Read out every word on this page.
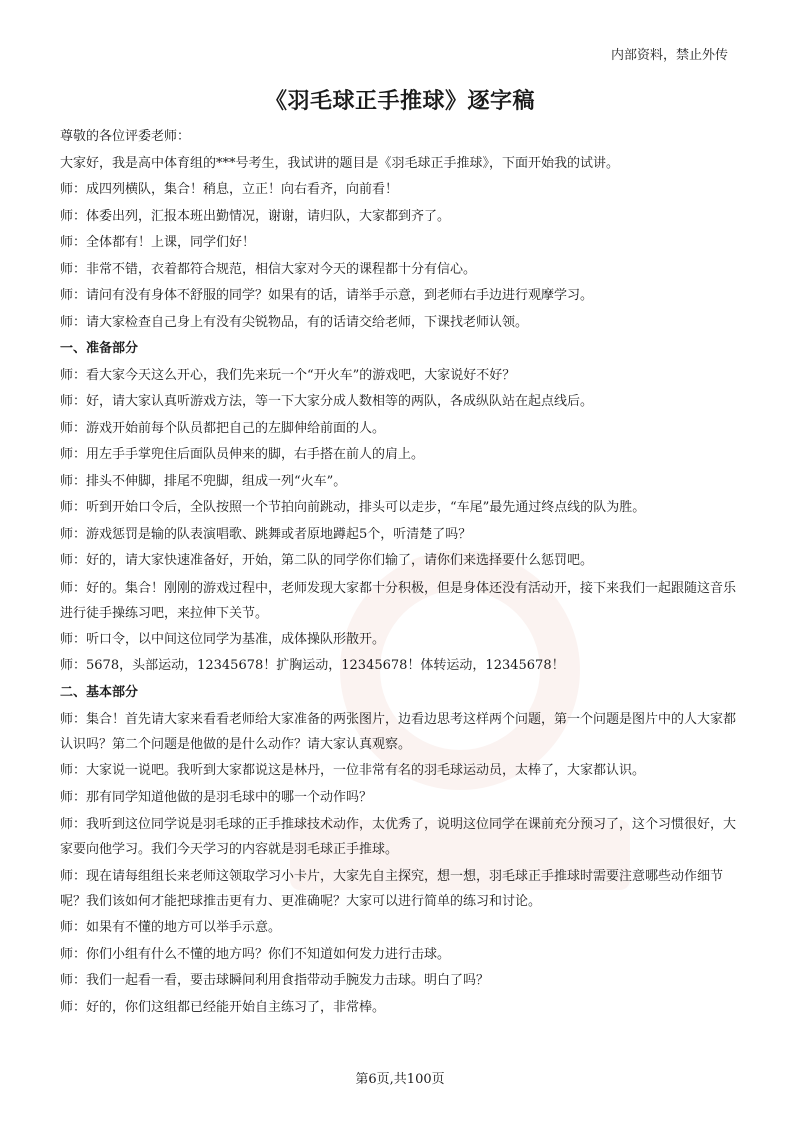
内部资料，禁止外传
《羽毛球正手推球》逐字稿

尊敬的各位评委老师：

大家好，我是高中体育组的***号考生，我试讲的题目是《羽毛球正手推球》，下面开始我的试讲。

师：成四列横队，集合！稍息，立正！向右看齐，向前看！

师：体委出列，汇报本班出勤情况，谢谢，请归队，大家都到齐了。

师：全体都有！上课，同学们好！

师：非常不错，衣着都符合规范，相信大家对今天的课程都十分有信心。

师：请问有没有身体不舒服的同学？如果有的话，请举手示意，到老师右手边进行观摩学习。

师：请大家检查自己身上有没有尖锐物品，有的话请交给老师，下课找老师认领。

一、准备部分

师：看大家今天这么开心，我们先来玩一个“开火车”的游戏吧，大家说好不好？

师：好，请大家认真听游戏方法，等一下大家分成人数相等的两队，各成纵队站在起点线后。

师：游戏开始前每个队员都把自己的左脚伸给前面的人。

师：用左手手掌兜住后面队员伸来的脚，右手搭在前人的肩上。

师：排头不伸脚，排尾不兜脚，组成一列“火车”。

师：听到开始口令后，全队按照一个节拍向前跳动，排头可以走步，“车尾”最先通过终点线的队为胜。

师：游戏惩罚是输的队表演唱歌、跳舞或者原地蹲起5个，听清楚了吗？

师：好的，请大家快速准备好，开始，第二队的同学你们输了，请你们来选择要什么惩罚吧。

师：好的。集合！刚刚的游戏过程中，老师发现大家都十分积极，但是身体还没有活动开，接下来我们一起跟随这音乐进行徒手操练习吧，来拉伸下关节。

师：听口令，以中间这位同学为基准，成体操队形散开。

师：5678，头部运动，12345678！扩胸运动，12345678！体转运动，12345678！

二、基本部分

师：集合！首先请大家来看看老师给大家准备的两张图片，边看边思考这样两个问题，第一个问题是图片中的人大家都认识吗？第二个问题是他做的是什么动作？请大家认真观察。

师：大家说一说吧。我听到大家都说这是林丹，一位非常有名的羽毛球运动员，太棒了，大家都认识。

师：那有同学知道他做的是羽毛球中的哪一个动作吗？

师：我听到这位同学说是羽毛球的正手推球技术动作，太优秀了，说明这位同学在课前充分预习了，这个习惯很好，大家要向他学习。我们今天学习的内容就是羽毛球正手推球。

师：现在请每组组长来老师这领取学习小卡片，大家先自主探究，想一想，羽毛球正手推球时需要注意哪些动作细节呢？我们该如何才能把球推击更有力、更准确呢？大家可以进行简单的练习和讨论。

师：如果有不懂的地方可以举手示意。

师：你们小组有什么不懂的地方吗？你们不知道如何发力进行击球。

师：我们一起看一看，要击球瞬间利用食指带动手腕发力击球。明白了吗？

师：好的，你们这组都已经能开始自主练习了，非常棒。

第6页,共100页
